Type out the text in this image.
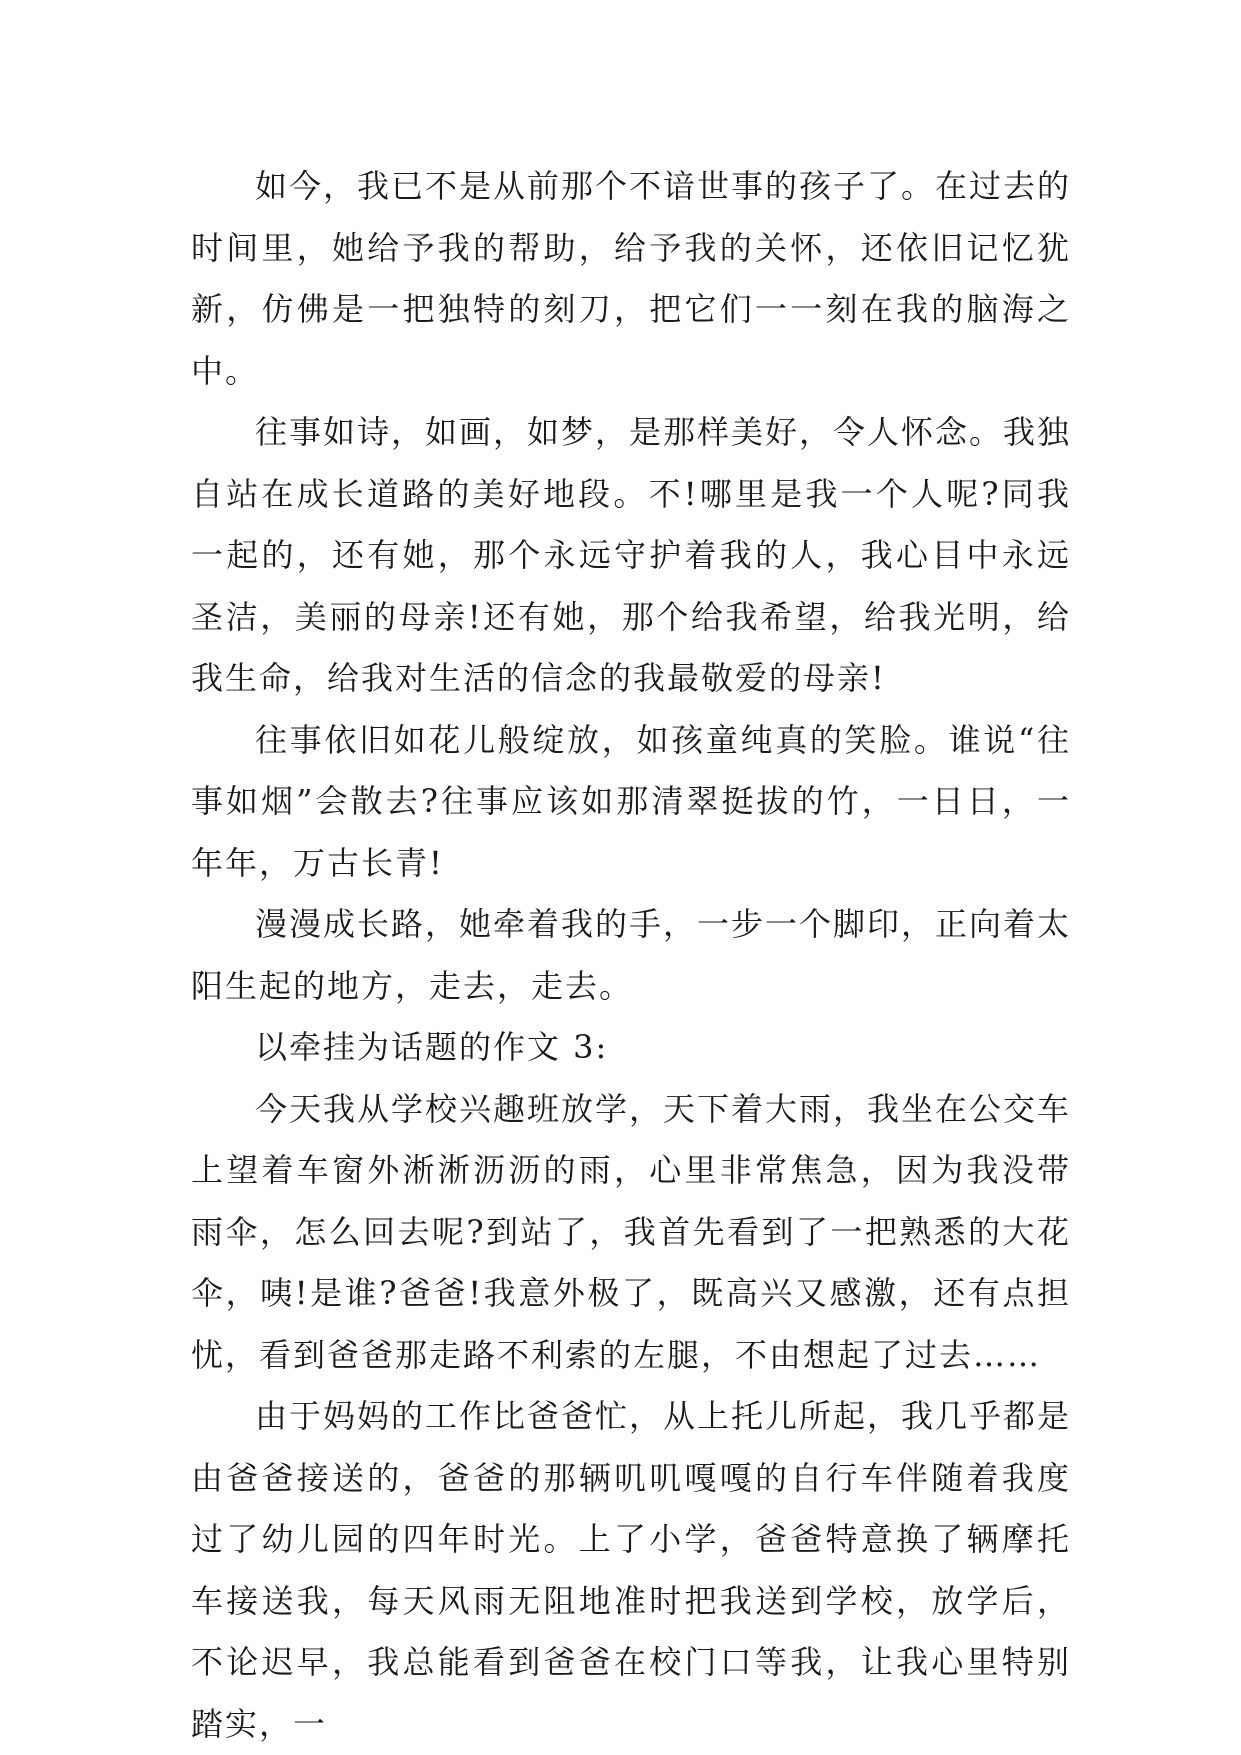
如今，我已不是从前那个不谙世事的孩子了。在过去的时间里，她给予我的帮助，给予我的关怀，还依旧记忆犹新，仿佛是一把独特的刻刀，把它们一一刻在我的脑海之中。

往事如诗，如画，如梦，是那样美好，令人怀念。我独自站在成长道路的美好地段。不!哪里是我一个人呢?同我一起的，还有她，那个永远守护着我的人，我心目中永远圣洁，美丽的母亲!还有她，那个给我希望，给我光明，给我生命，给我对生活的信念的我最敬爱的母亲!

往事依旧如花儿般绽放，如孩童纯真的笑脸。谁说“往事如烟”会散去?往事应该如那清翠挺拔的竹，一日日，一年年，万古长青!

漫漫成长路，她牵着我的手，一步一个脚印，正向着太阳生起的地方，走去，走去。

以牵挂为话题的作文 3:

今天我从学校兴趣班放学，天下着大雨，我坐在公交车上望着车窗外淅淅沥沥的雨，心里非常焦急，因为我没带雨伞，怎么回去呢?到站了，我首先看到了一把熟悉的大花伞，咦!是谁?爸爸!我意外极了，既高兴又感激，还有点担忧，看到爸爸那走路不利索的左腿，不由想起了过去……

由于妈妈的工作比爸爸忙，从上托儿所起，我几乎都是由爸爸接送的，爸爸的那辆叽叽嘎嘎的自行车伴随着我度过了幼儿园的四年时光。上了小学，爸爸特意换了辆摩托车接送我，每天风雨无阻地准时把我送到学校，放学后，不论迟早，我总能看到爸爸在校门口等我，让我心里特别踏实，一
